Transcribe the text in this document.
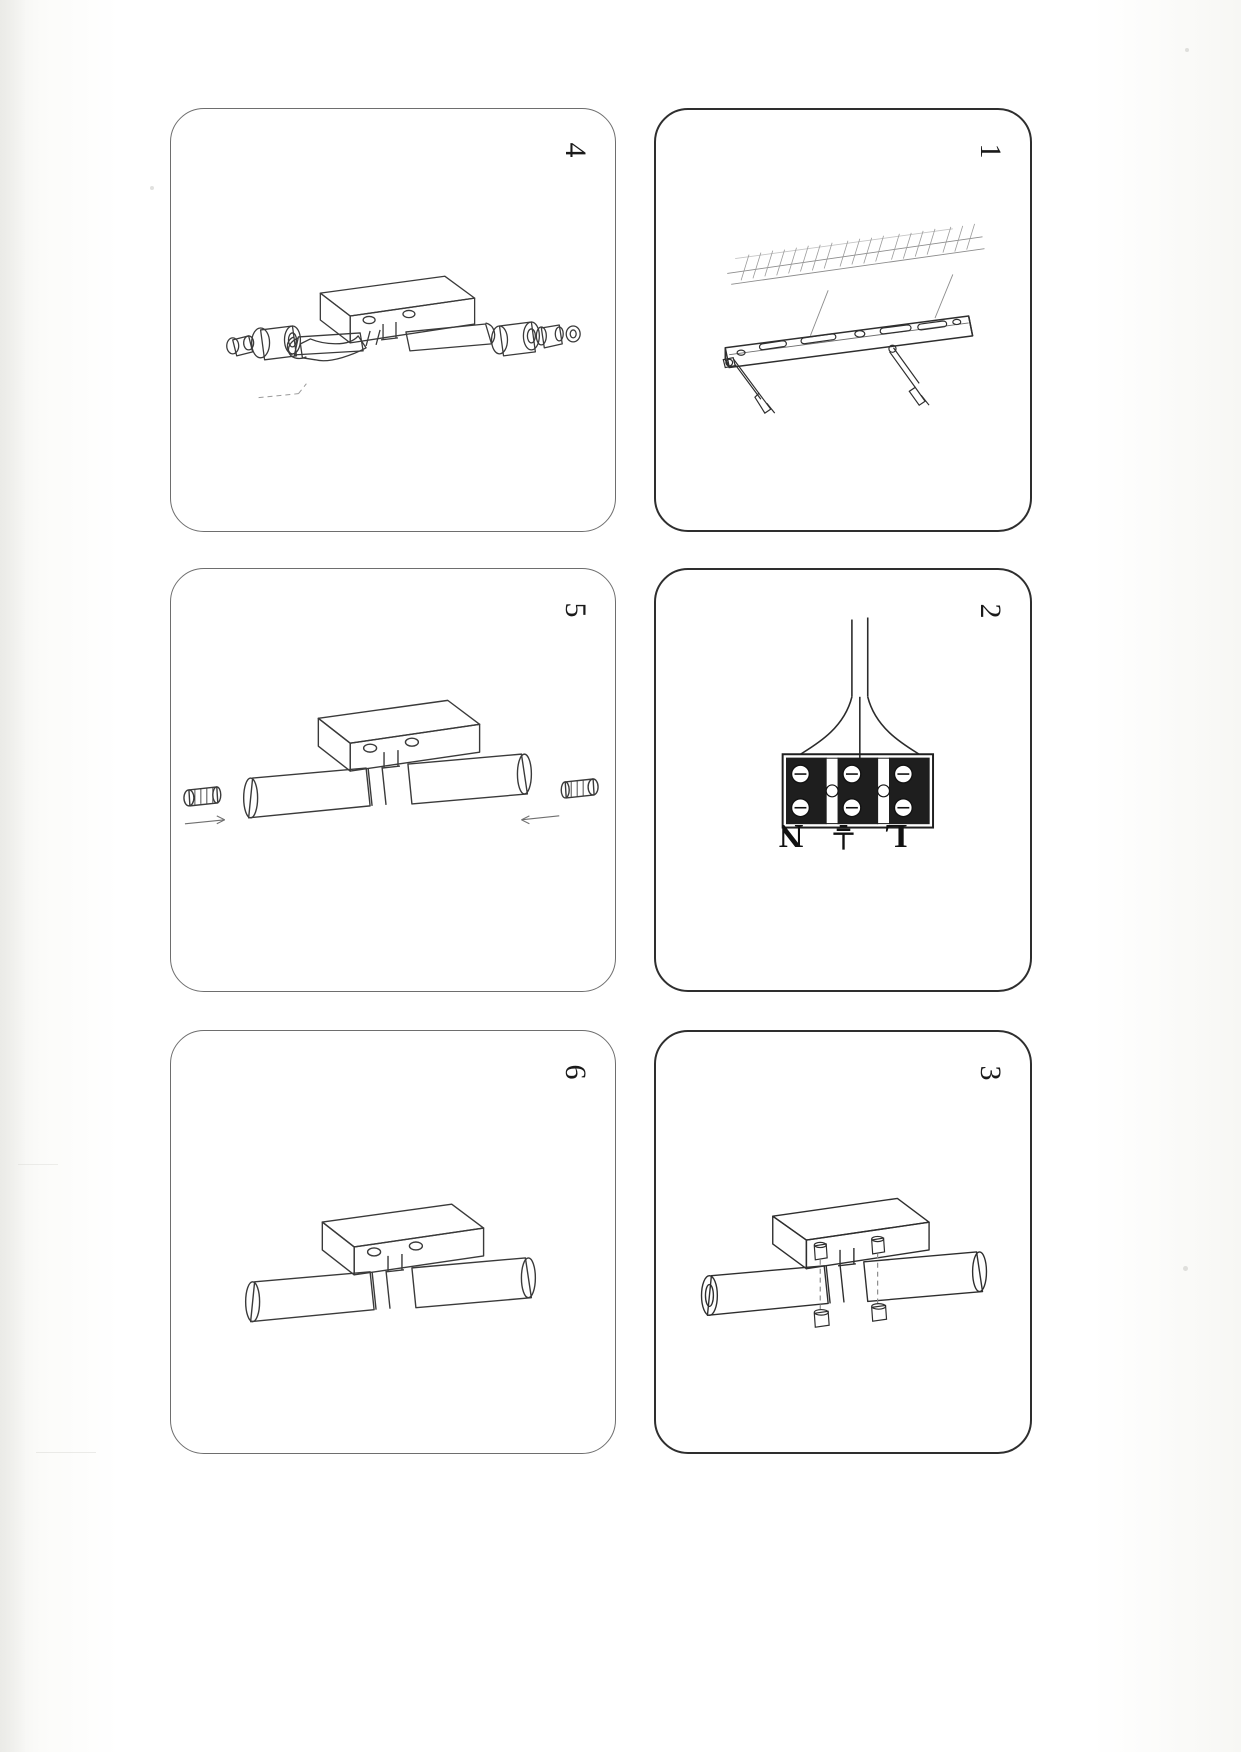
4	1
5
L
⏚
N
2
6	3
